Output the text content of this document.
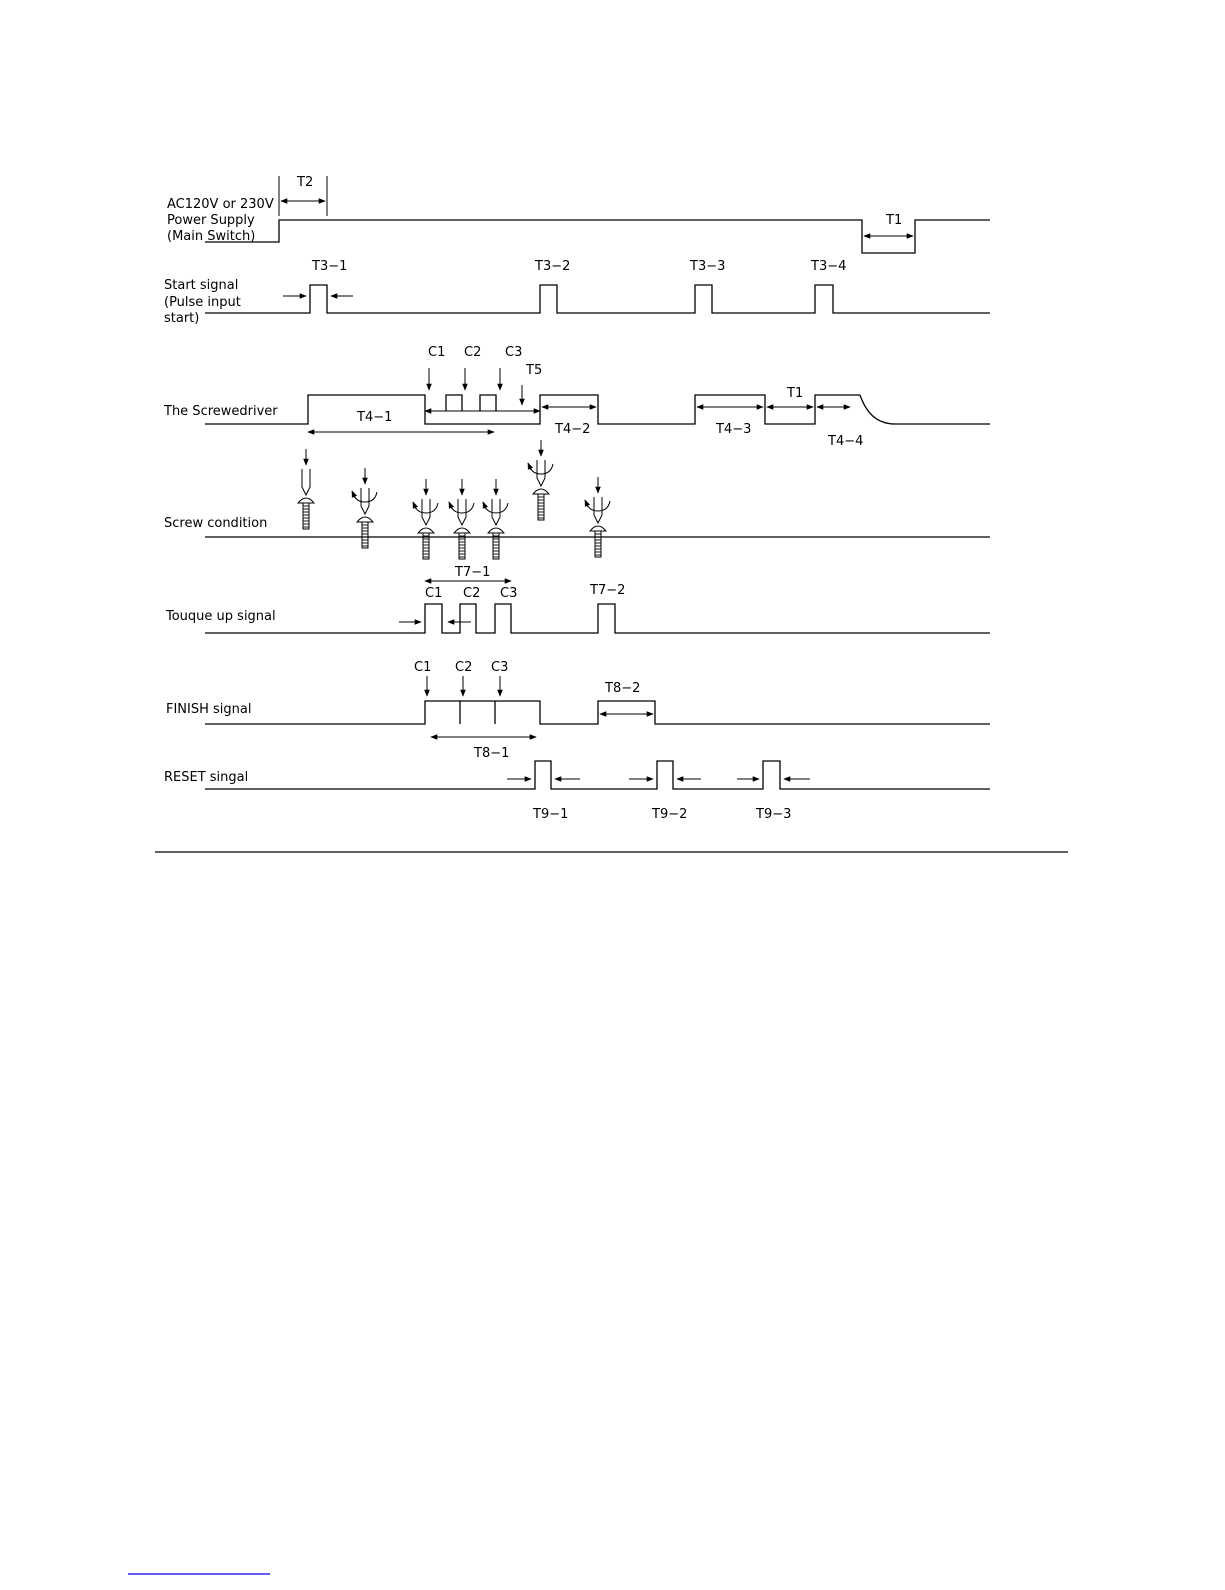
AC120V or 230V
Power Supply
(Main Switch)
T2
T1
Start signal
(Pulse input
start)
T3−1	T3−2	T3−3	T3−4
The Screwedriver
C1 C2 C3
T5
T4−1
T4−2	T4−3
T1
T4−4
Screw condition
Touque up signal
T7−1
C1 C2 C3	T7−2
FINISH signal
C1 C2 C3
T8−2
T8−1
RESET singal
T9−1	T9−2	T9−3
